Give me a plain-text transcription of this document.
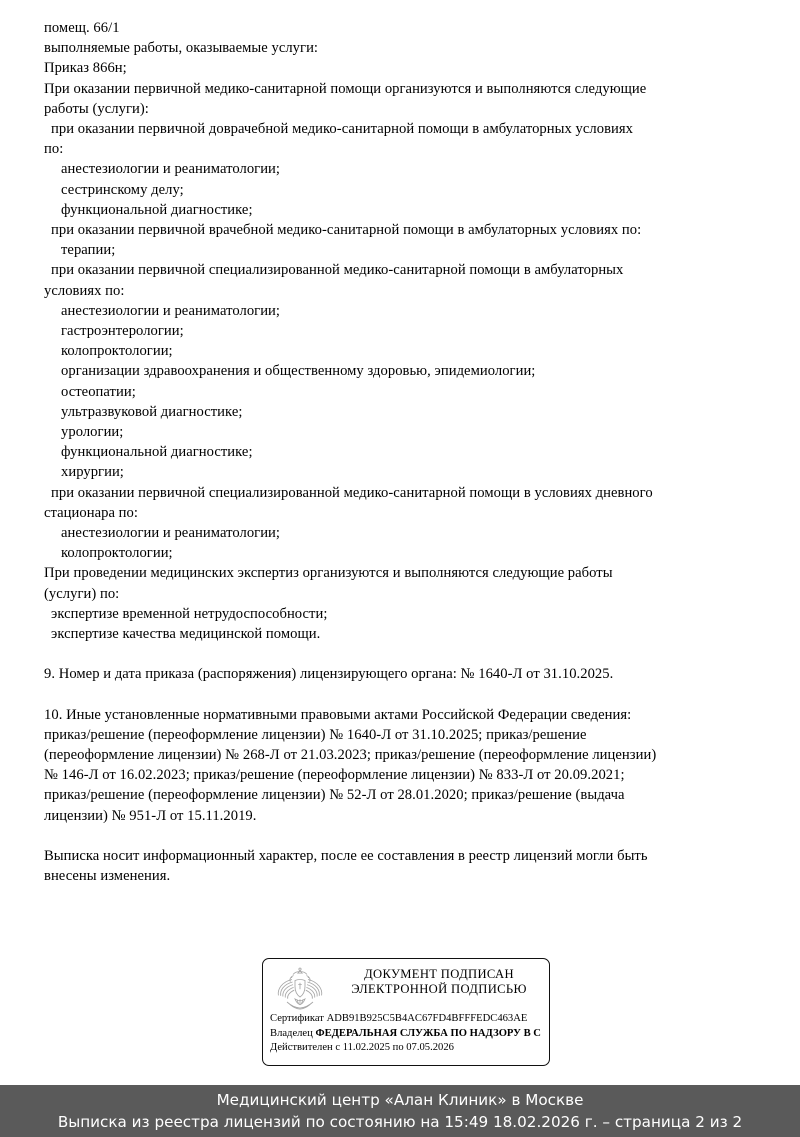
помещ. 66/1
выполняемые работы, оказываемые услуги:
Приказ 866н;
При оказании первичной медико-санитарной помощи организуются и выполняются следующие
работы (услуги):
при оказании первичной доврачебной медико-санитарной помощи в амбулаторных условиях
по:
анестезиологии и реаниматологии;
сестринскому делу;
функциональной диагностике;
при оказании первичной врачебной медико-санитарной помощи в амбулаторных условиях по:
терапии;
при оказании первичной специализированной медико-санитарной помощи в амбулаторных
условиях по:
анестезиологии и реаниматологии;
гастроэнтерологии;
колопроктологии;
организации здравоохранения и общественному здоровью, эпидемиологии;
остеопатии;
ультразвуковой диагностике;
урологии;
функциональной диагностике;
хирургии;
при оказании первичной специализированной медико-санитарной помощи в условиях дневного
стационара по:
анестезиологии и реаниматологии;
колопроктологии;
При проведении медицинских экспертиз организуются и выполняются следующие работы
(услуги) по:
экспертизе временной нетрудоспособности;
экспертизе качества медицинской помощи.
9. Номер и дата приказа (распоряжения) лицензирующего органа: № 1640-Л от 31.10.2025.
10. Иные установленные нормативными правовыми актами Российской Федерации сведения:
приказ/решение (переоформление лицензии) № 1640-Л от 31.10.2025; приказ/решение
(переоформление лицензии) № 268-Л от 21.03.2023; приказ/решение (переоформление лицензии)
№ 146-Л от 16.02.2023; приказ/решение (переоформление лицензии) № 833-Л от 20.09.2021;
приказ/решение (переоформление лицензии) № 52-Л от 28.01.2020; приказ/решение (выдача
лицензии) № 951-Л от 15.11.2019.
Выписка носит информационный характер, после ее составления в реестр лицензий могли быть
внесены изменения.
ДОКУМЕНТ ПОДПИСАН
ЭЛЕКТРОННОЙ ПОДПИСЬЮ
Сертификат ADB91B925C5B4AC67FD4BFFFEDC463AE
Владелец ФЕДЕРАЛЬНАЯ СЛУЖБА ПО НАДЗОРУ В С
Действителен с 11.02.2025 по 07.05.2026
Медицинский центр «Алан Клиник» в Москве
Выписка из реестра лицензий по состоянию на 15:49 18.02.2026 г. – страница 2 из 2
